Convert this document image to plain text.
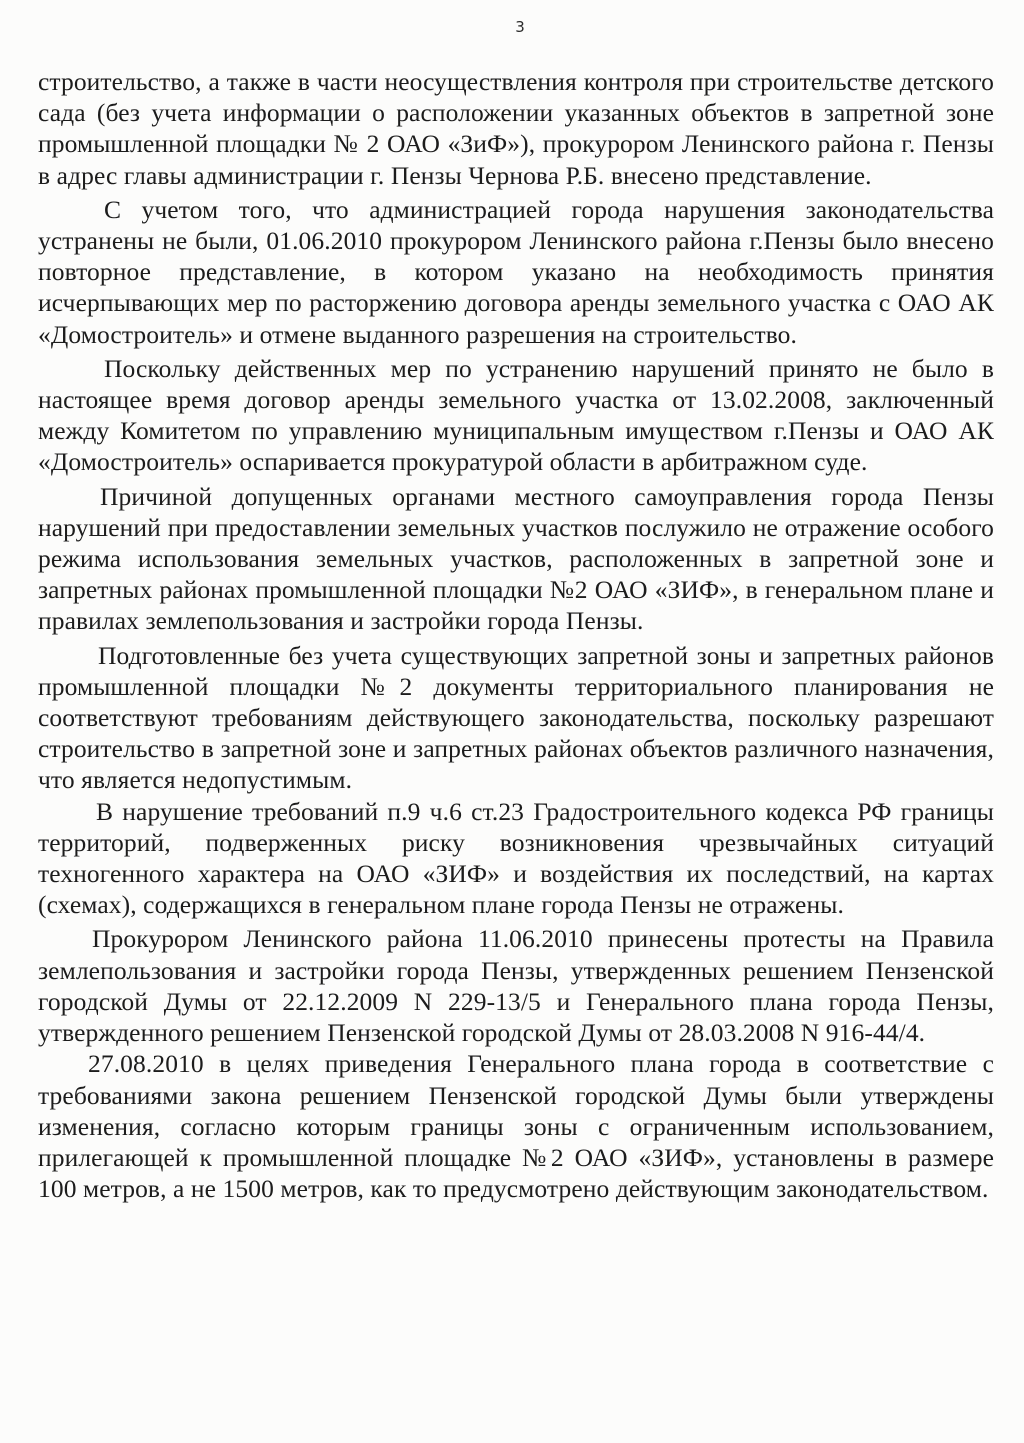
3

строительство, а также в части неосуществления контроля при строительстве детского сада (без учета информации о расположении указанных объектов в запретной зоне промышленной площадки № 2 ОАО «ЗиФ»), прокурором Ленинского района г. Пензы в адрес главы администрации г. Пензы Чернова Р.Б. внесено представление.

С учетом того, что администрацией города нарушения законодательства устранены не были, 01.06.2010 прокурором Ленинского района г.Пензы было внесено повторное представление, в котором указано на необходимость принятия исчерпывающих мер по расторжению договора аренды земельного участка с ОАО АК «Домостроитель» и отмене выданного разрешения на строительство.

Поскольку действенных мер по устранению нарушений принято не было в настоящее время договор аренды земельного участка от 13.02.2008, заключенный между Комитетом по управлению муниципальным имуществом г.Пензы и ОАО АК «Домостроитель» оспаривается прокуратурой области в арбитражном суде.

Причиной допущенных органами местного самоуправления города Пензы нарушений при предоставлении земельных участков послужило не отражение особого режима использования земельных участков, расположенных в запретной зоне и запретных районах промышленной площадки №2 ОАО «ЗИФ», в генеральном плане и правилах землепользования и застройки города Пензы.

Подготовленные без учета существующих запретной зоны и запретных районов промышленной площадки №2 документы территориального планирования не соответствуют требованиям действующего законодательства, поскольку разрешают строительство в запретной зоне и запретных районах объектов различного назначения, что является недопустимым.

В нарушение требований п.9 ч.6 ст.23 Градостроительного кодекса РФ границы территорий, подверженных риску возникновения чрезвычайных ситуаций техногенного характера на ОАО «ЗИФ» и воздействия их последствий, на картах (схемах), содержащихся в генеральном плане города Пензы не отражены.

Прокурором Ленинского района 11.06.2010 принесены протесты на Правила землепользования и застройки города Пензы, утвержденных решением Пензенской городской Думы от 22.12.2009 N 229-13/5 и Генерального плана города Пензы, утвержденного решением Пензенской городской Думы от 28.03.2008 N 916-44/4.

27.08.2010 в целях приведения Генерального плана города в соответствие с требованиями закона решением Пензенской городской Думы были утверждены изменения, согласно которым границы зоны с ограниченным использованием, прилегающей к промышленной площадке №2 ОАО «ЗИФ», установлены в размере 100 метров, а не 1500 метров, как то предусмотрено действующим законодательством.
